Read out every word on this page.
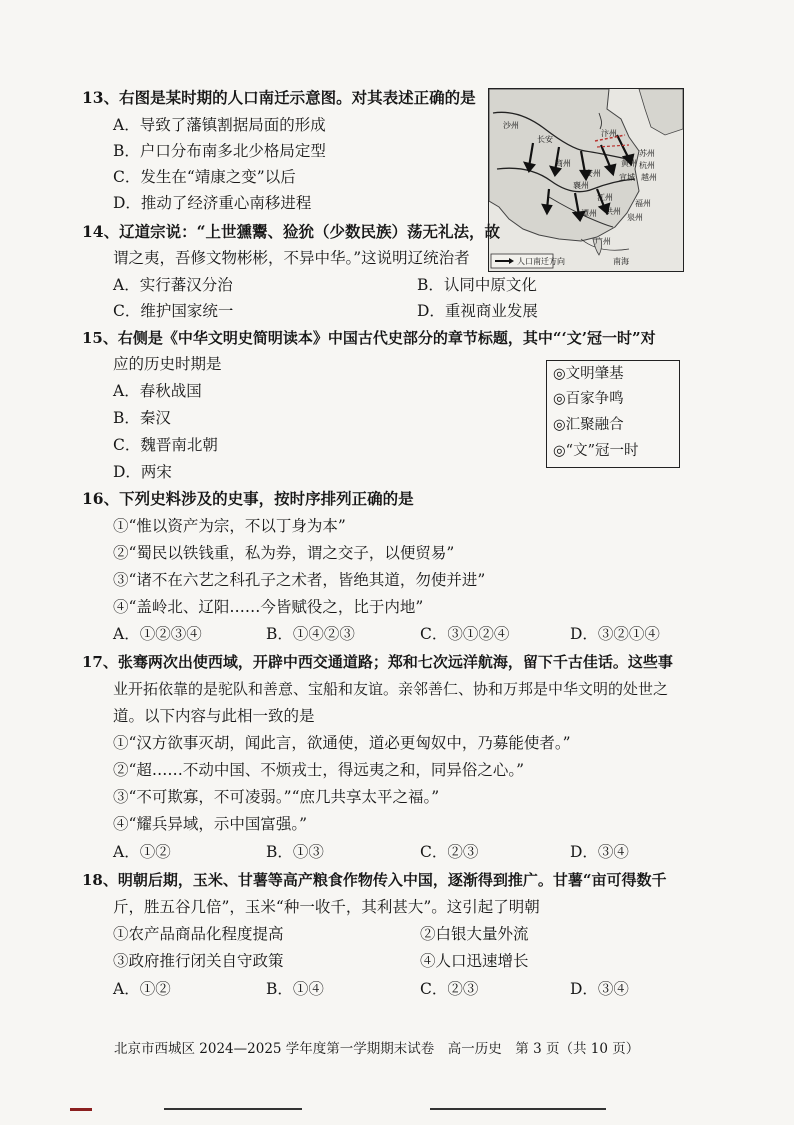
13、右图是某时期的人口南迁示意图。对其表述正确的是
A．导致了藩镇割据局面的形成
B．户口分布南多北少格局定型
C．发生在“靖康之变”以后
D．推动了经济重心南移进程
长安
商州
襄州
江州
安州
洪州
广州
黄州
苏州
越州
福州
泉州
杭州
宣城
潭州
汴州
沙州
南海
人口南迁方向
14、辽道宗说：“上世獯鬻、猃狁（少数民族）荡无礼法，故
谓之夷，吾修文物彬彬，不异中华。”这说明辽统治者
A．实行蕃汉分治	B．认同中原文化
C．维护国家统一	D．重视商业发展
15、右侧是《中华文明史简明读本》中国古代史部分的章节标题，其中“‘文’冠一时”对
应的历史时期是
A．春秋战国
B．秦汉
C．魏晋南北朝
D．两宋
◎文明肇基
◎百家争鸣
◎汇聚融合
◎“文”冠一时
16、下列史料涉及的史事，按时序排列正确的是
①“惟以资产为宗，不以丁身为本”
②“蜀民以铁钱重，私为券，谓之交子，以便贸易”
③“诸不在六艺之科孔子之术者，皆绝其道，勿使并进”
④“盖岭北、辽阳……今皆赋役之，比于内地”
A．①②③④	B．①④②③	C．③①②④	D．③②①④
17、张骞两次出使西域，开辟中西交通道路；郑和七次远洋航海，留下千古佳话。这些事
业开拓依靠的是驼队和善意、宝船和友谊。亲邻善仁、协和万邦是中华文明的处世之
道。以下内容与此相一致的是
①“汉方欲事灭胡，闻此言，欲通使，道必更匈奴中，乃募能使者。”
②“超……不动中国、不烦戎士，得远夷之和，同异俗之心。”
③“不可欺寡，不可凌弱。”“庶几共享太平之福。”
④“耀兵异域，示中国富强。”
A．①②	B．①③	C．②③	D．③④
18、明朝后期，玉米、甘薯等高产粮食作物传入中国，逐渐得到推广。甘薯“亩可得数千
斤，胜五谷几倍”，玉米“种一收千，其利甚大”。这引起了明朝
①农产品商品化程度提高	②白银大量外流
③政府推行闭关自守政策	④人口迅速增长
A．①②	B．①④	C．②③	D．③④
北京市西城区 2024—2025 学年度第一学期期末试卷　高一历史　第 3 页（共 10 页）
